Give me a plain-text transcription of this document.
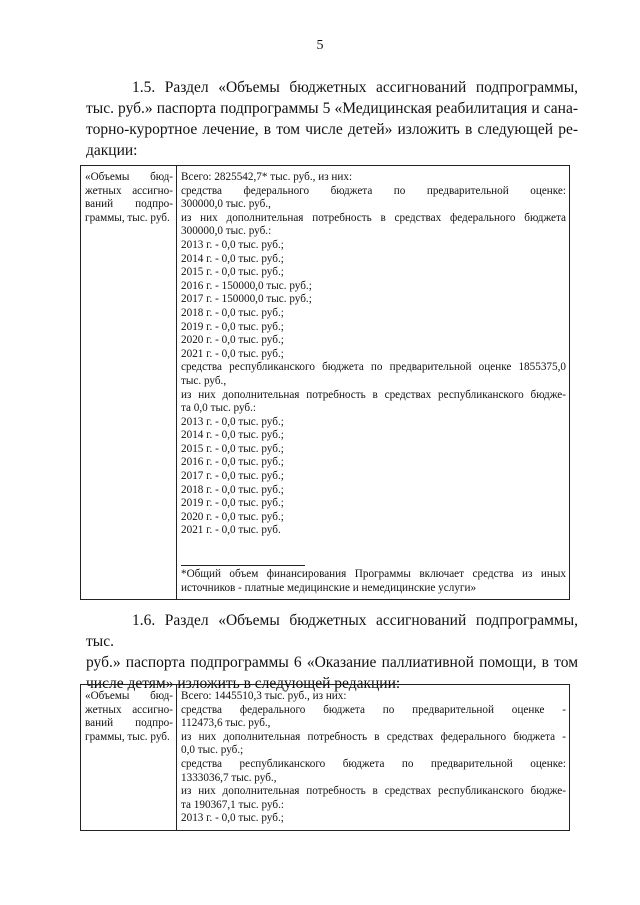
5
1.5. Раздел «Объемы бюджетных ассигнований подпрограммы,
тыс. руб.» паспорта подпрограммы 5 «Медицинская реабилитация и сана-
торно-курортное лечение, в том числе детей» изложить в следующей ре-
дакции:
«Объемы бюд-
жетных ассигно-
ваний подпро-
граммы, тыс. руб.

Всего: 2825542,7* тыс. руб., из них:
средства федерального бюджета по предварительной оценке:
300000,0 тыс. руб.,
из них дополнительная потребность в средствах федерального бюджета
300000,0 тыс. руб.:
2013 г. - 0,0 тыс. руб.;
2014 г. - 0,0 тыс. руб.;
2015 г. - 0,0 тыс. руб.;
2016 г. - 150000,0 тыс. руб.;
2017 г. - 150000,0 тыс. руб.;
2018 г. - 0,0 тыс. руб.;
2019 г. - 0,0 тыс. руб.;
2020 г. - 0,0 тыс. руб.;
2021 г. - 0,0 тыс. руб.;
средства республиканского бюджета по предварительной оценке 1855375,0
тыс. руб.,
из них дополнительная потребность в средствах республиканского бюдже-
та 0,0 тыс. руб.:
2013 г. - 0,0 тыс. руб.;
2014 г. - 0,0 тыс. руб.;
2015 г. - 0,0 тыс. руб.;
2016 г. - 0,0 тыс. руб.;
2017 г. - 0,0 тыс. руб.;
2018 г. - 0,0 тыс. руб.;
2019 г. - 0,0 тыс. руб.;
2020 г. - 0,0 тыс. руб.;
2021 г. - 0,0 тыс. руб.
*Общий объем финансирования Программы включает средства из иных
источников - платные медицинские и немедицинские услуги»
1.6. Раздел «Объемы бюджетных ассигнований подпрограммы, тыс.
руб.» паспорта подпрограммы 6 «Оказание паллиативной помощи, в том
числе детям» изложить в следующей редакции:
«Объемы бюд-
жетных ассигно-
ваний подпро-
граммы, тыс. руб.

Всего: 1445510,3 тыс. руб., из них:
средства федерального бюджета по предварительной оценке -
112473,6 тыс. руб.,
из них дополнительная потребность в средствах федерального бюджета -
0,0 тыс. руб.;
средства республиканского бюджета по предварительной оценке:
1333036,7 тыс. руб.,
из них дополнительная потребность в средствах республиканского бюдже-
та 190367,1 тыс. руб.:
2013 г. - 0,0 тыс. руб.;
